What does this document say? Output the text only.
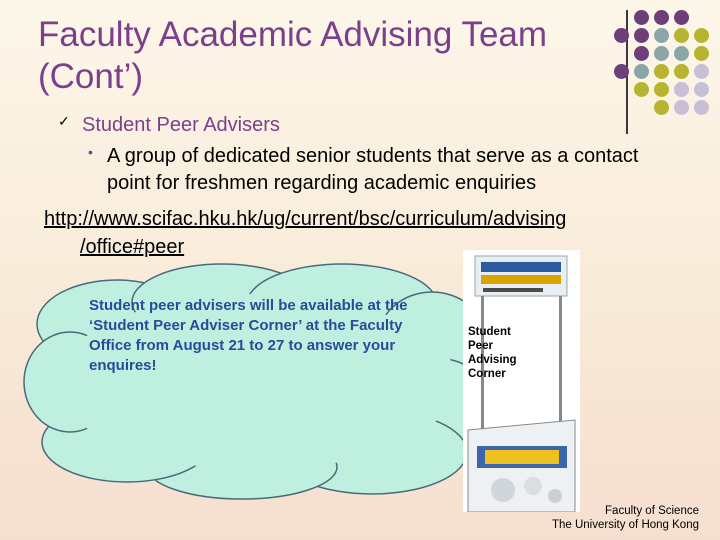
Faculty Academic Advising Team
(Cont’)
✓ Student Peer Advisers
• A group of dedicated senior students that serve as a contact point for freshmen regarding academic enquiries
http://www.scifac.hku.hk/ug/current/bsc/curriculum/advising
/office#peer
Student peer advisers will be available at the ‘Student Peer Adviser Corner’ at the Faculty Office from August 21 to 27 to answer your enquires!
Student
Peer
Advising
Corner
Faculty of Science
The University of Hong Kong
